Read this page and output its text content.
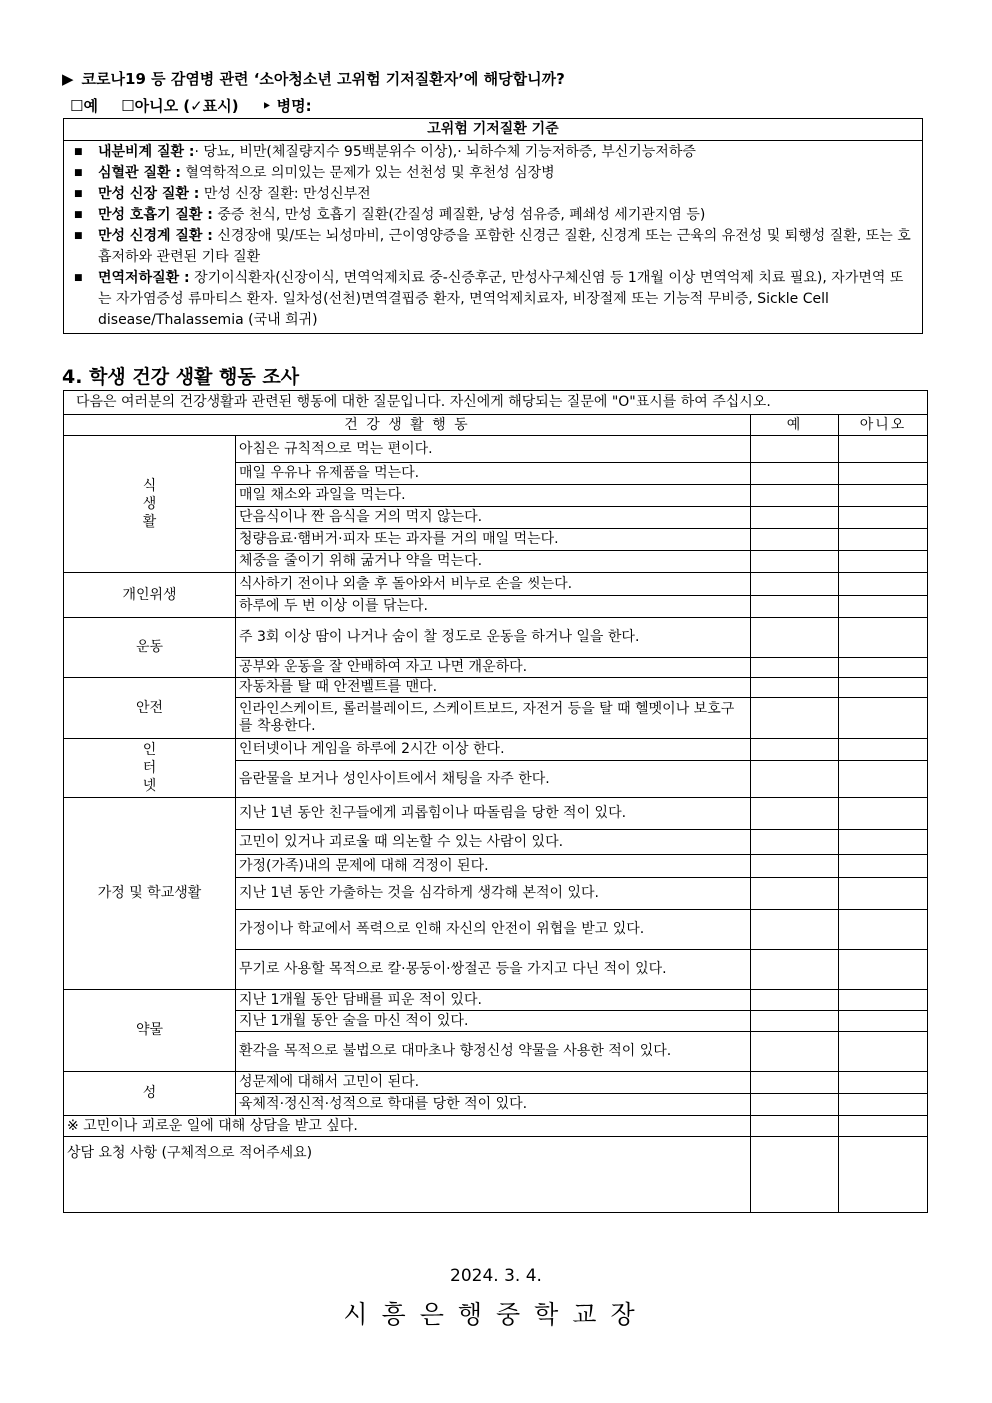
▶ 코로나19 등 감염병 관련 ‘소아청소년 고위험 기저질환자’에 해당합니까?
☐예 ☐아니오 (✓표시) ‣ 병명:
고위험 기저질환 기준
■ 내분비계 질환 :· 당뇨, 비만(체질량지수 95백분위수 이상),· 뇌하수체 기능저하증, 부신기능저하증
■ 심혈관 질환 : 혈역학적으로 의미있는 문제가 있는 선천성 및 후천성 심장병
■ 만성 신장 질환 : 만성 신장 질환: 만성신부전
■ 만성 호흡기 질환 : 중증 천식, 만성 호흡기 질환(간질성 폐질환, 낭성 섬유증, 폐쇄성 세기관지염 등)
■ 만성 신경계 질환 : 신경장애 및/또는 뇌성마비, 근이영양증을 포함한 신경근 질환, 신경계 또는 근육의 유전성 및 퇴행성 질환, 또는 호흡저하와 관련된 기타 질환
■ 면역저하질환 : 장기이식환자(신장이식, 면역억제치료 중-신증후군, 만성사구체신염 등 1개월 이상 면역억제 치료 필요), 자가면역 또는 자가염증성 류마티스 환자. 일차성(선천)면역결핍증 환자, 면역억제치료자, 비장절제 또는 기능적 무비증, Sickle Cell disease/Thalassemia (국내 희귀)
4. 학생 건강 생활 행동 조사
다음은 여러분의 건강생활과 관련된 행동에 대한 질문입니다. 자신에게 해당되는 질문에 "O"표시를 하여 주십시오.			
건 강 생 활 행 동		예	아니오
식생활	아침은 규칙적으로 먹는 편이다.		
	매일 우유나 유제품을 먹는다.		
	매일 채소와 과일을 먹는다.		
	단음식이나 짠 음식을 거의 먹지 않는다.		
	청량음료·햄버거·피자 또는 과자를 거의 매일 먹는다.		
	체중을 줄이기 위해 굶거나 약을 먹는다.		
개인위생	식사하기 전이나 외출 후 돌아와서 비누로 손을 씻는다.		
	하루에 두 번 이상 이를 닦는다.		
운동	주 3회 이상 땀이 나거나 숨이 찰 정도로 운동을 하거나 일을 한다.		
	공부와 운동을 잘 안배하여 자고 나면 개운하다.		
안전	자동차를 탈 때 안전벨트를 맨다.		
	인라인스케이트, 롤러블레이드, 스케이트보드, 자전거 등을 탈 때 헬멧이나 보호구를 착용한다.		
인터넷	인터넷이나 게임을 하루에 2시간 이상 한다.		
	음란물을 보거나 성인사이트에서 채팅을 자주 한다.		
가정 및 학교생활	지난 1년 동안 친구들에게 괴롭힘이나 따돌림을 당한 적이 있다.		
	고민이 있거나 괴로울 때 의논할 수 있는 사람이 있다.		
	가정(가족)내의 문제에 대해 걱정이 된다.		
	지난 1년 동안 가출하는 것을 심각하게 생각해 본적이 있다.		
	가정이나 학교에서 폭력으로 인해 자신의 안전이 위협을 받고 있다.		
	무기로 사용할 목적으로 칼·몽둥이·쌍절곤 등을 가지고 다닌 적이 있다.		
약물	지난 1개월 동안 담배를 피운 적이 있다.		
	지난 1개월 동안 술을 마신 적이 있다.		
	환각을 목적으로 불법으로 대마초나 향정신성 약물을 사용한 적이 있다.		
성	성문제에 대해서 고민이 된다.		
	육체적·정신적·성적으로 학대를 당한 적이 있다.		
※ 고민이나 괴로운 일에 대해 상담을 받고 싶다.			
상담 요청 사항 (구체적으로 적어주세요)			
2024. 3. 4.
시흥은행중학교장
